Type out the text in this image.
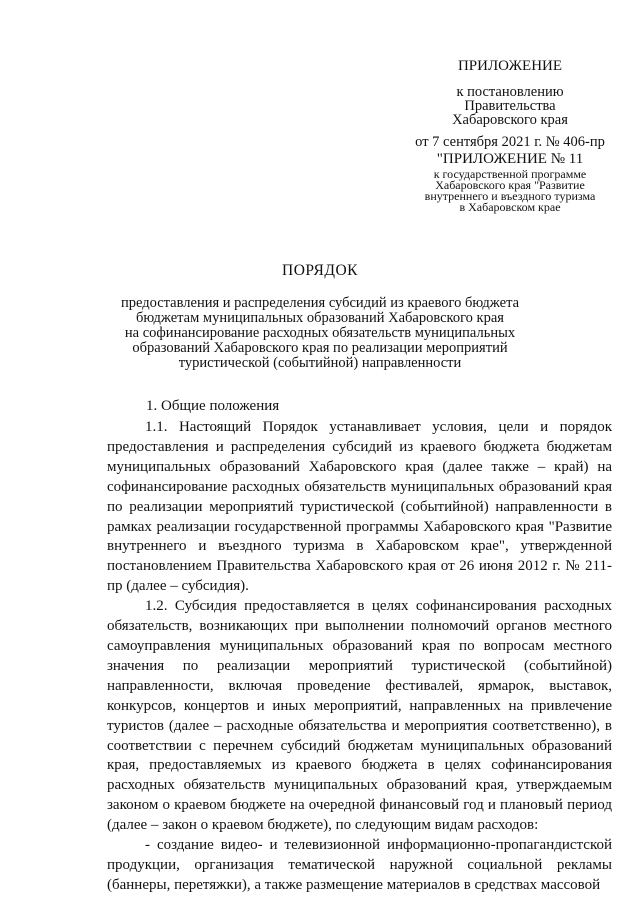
ПРИЛОЖЕНИЕ
к постановлению
Правительства
Хабаровского края
от 7 сентября 2021 г. № 406-пр
"ПРИЛОЖЕНИЕ № 11
к государственной программе
Хабаровского края "Развитие
внутреннего и въездного туризма
в Хабаровском крае
ПОРЯДОК
предоставления и распределения субсидий из краевого бюджета
бюджетам муниципальных образований Хабаровского края
на софинансирование расходных обязательств муниципальных
образований Хабаровского края по реализации мероприятий
туристической (событийной) направленности
1. Общие положения

1.1. Настоящий Порядок устанавливает условия, цели и порядок предоставления и распределения субсидий из краевого бюджета бюджетам муниципальных образований Хабаровского края (далее также – край) на софинансирование расходных обязательств муниципальных образований края по реализации мероприятий туристической (событийной) направленности в рамках реализации государственной программы Хабаровского края "Развитие внутреннего и въездного туризма в Хабаровском крае", утвержденной постановлением Правительства Хабаровского края от 26 июня 2012 г. № 211-пр (далее – субсидия).

1.2. Субсидия предоставляется в целях софинансирования расходных обязательств, возникающих при выполнении полномочий органов местного самоуправления муниципальных образований края по вопросам местного значения по реализации мероприятий туристической (событийной) направленности, включая проведение фестивалей, ярмарок, выставок, конкурсов, концертов и иных мероприятий, направленных на привлечение туристов (далее – расходные обязательства и мероприятия соответственно), в соответствии с перечнем субсидий бюджетам муниципальных образований края, предоставляемых из краевого бюджета в целях софинансирования расходных обязательств муниципальных образований края, утверждаемым законом о краевом бюджете на очередной финансовый год и плановый период (далее – закон о краевом бюджете), по следующим видам расходов:

- создание видео- и телевизионной информационно-пропагандистской продукции, организация тематической наружной социальной рекламы (баннеры, перетяжки), а также размещение материалов в средствах массовой
